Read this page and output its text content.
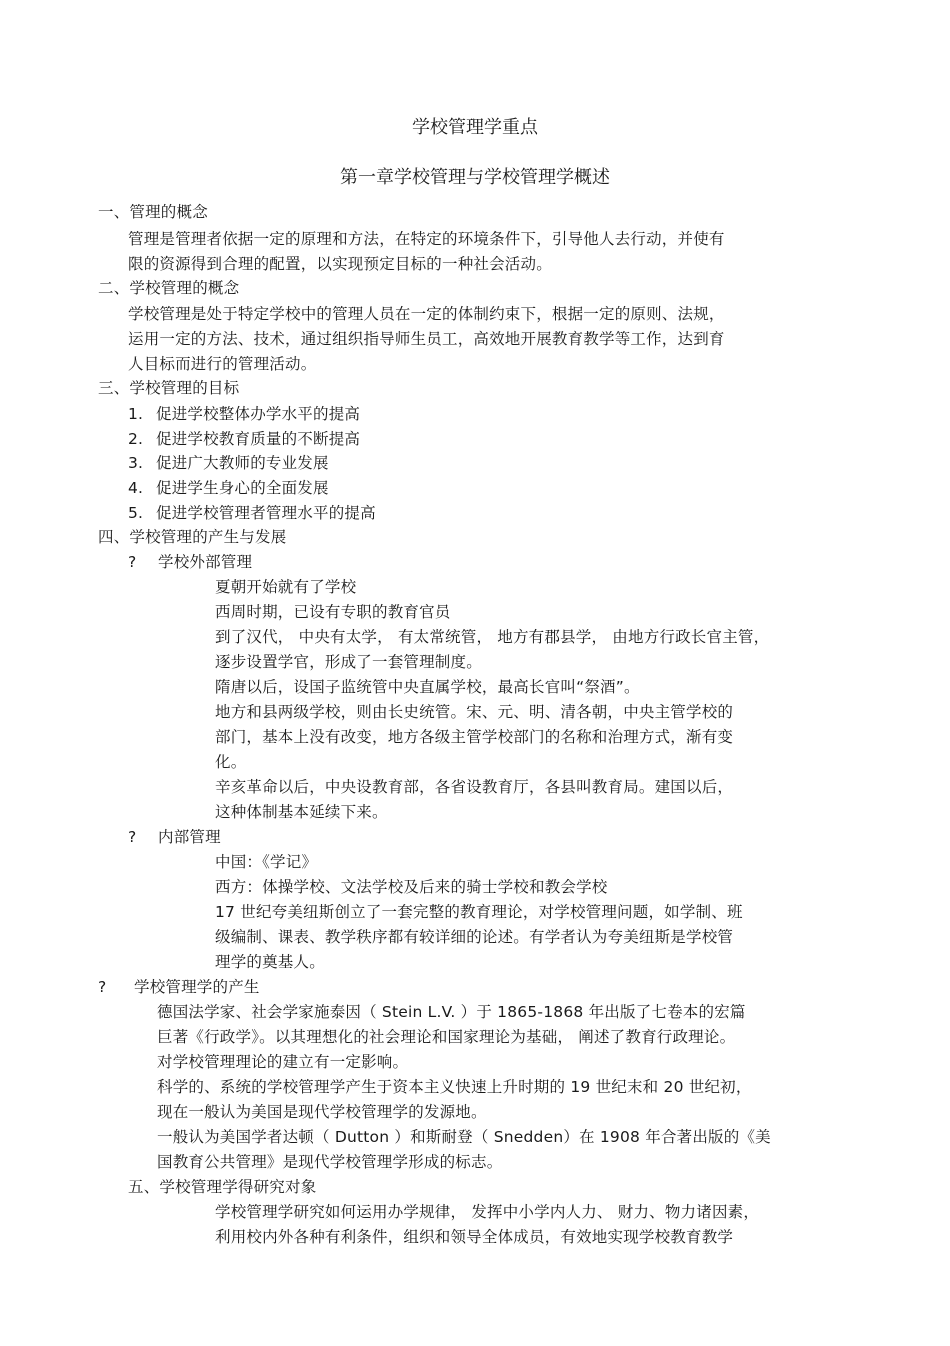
学校管理学重点
第一章学校管理与学校管理学概述
一、管理的概念
管理是管理者依据一定的原理和方法，在特定的环境条件下，引导他人去行动，并使有
限的资源得到合理的配置，以实现预定目标的一种社会活动。
二、学校管理的概念
学校管理是处于特定学校中的管理人员在一定的体制约束下，根据一定的原则、法规，
运用一定的方法、技术，通过组织指导师生员工，高效地开展教育教学等工作，达到育
人目标而进行的管理活动。
三、学校管理的目标
1. 促进学校整体办学水平的提高
2. 促进学校教育质量的不断提高
3. 促进广大教师的专业发展
4. 促进学生身心的全面发展
5. 促进学校管理者管理水平的提高
四、学校管理的产生与发展
? 学校外部管理
夏朝开始就有了学校
西周时期，已设有专职的教育官员
到了汉代， 中央有太学， 有太常统管， 地方有郡县学， 由地方行政长官主管，
逐步设置学官，形成了一套管理制度。
隋唐以后，设国子监统管中央直属学校，最高长官叫“祭酒”。
地方和县两级学校，则由长史统管。宋、元、明、清各朝，中央主管学校的
部门，基本上没有改变，地方各级主管学校部门的名称和治理方式，渐有变
化。
辛亥革命以后，中央设教育部，各省设教育厅，各县叫教育局。建国以后，
这种体制基本延续下来。
? 内部管理
中国：《学记》
西方：体操学校、文法学校及后来的骑士学校和教会学校
17 世纪夸美纽斯创立了一套完整的教育理论，对学校管理问题，如学制、班
级编制、课表、教学秩序都有较详细的论述。有学者认为夸美纽斯是学校管
理学的奠基人。
? 学校管理学的产生
德国法学家、社会学家施泰因（ Stein L.V. ）于 1865-1868 年出版了七卷本的宏篇
巨著《行政学》。以其理想化的社会理论和国家理论为基础， 阐述了教育行政理论。
对学校管理理论的建立有一定影响。
科学的、系统的学校管理学产生于资本主义快速上升时期的 19 世纪末和 20 世纪初，
现在一般认为美国是现代学校管理学的发源地。
一般认为美国学者达顿（ Dutton ）和斯耐登（ Snedden）在 1908 年合著出版的《美
国教育公共管理》是现代学校管理学形成的标志。
五、学校管理学得研究对象
学校管理学研究如何运用办学规律， 发挥中小学内人力、 财力、物力诸因素，
利用校内外各种有利条件，组织和领导全体成员，有效地实现学校教育教学
